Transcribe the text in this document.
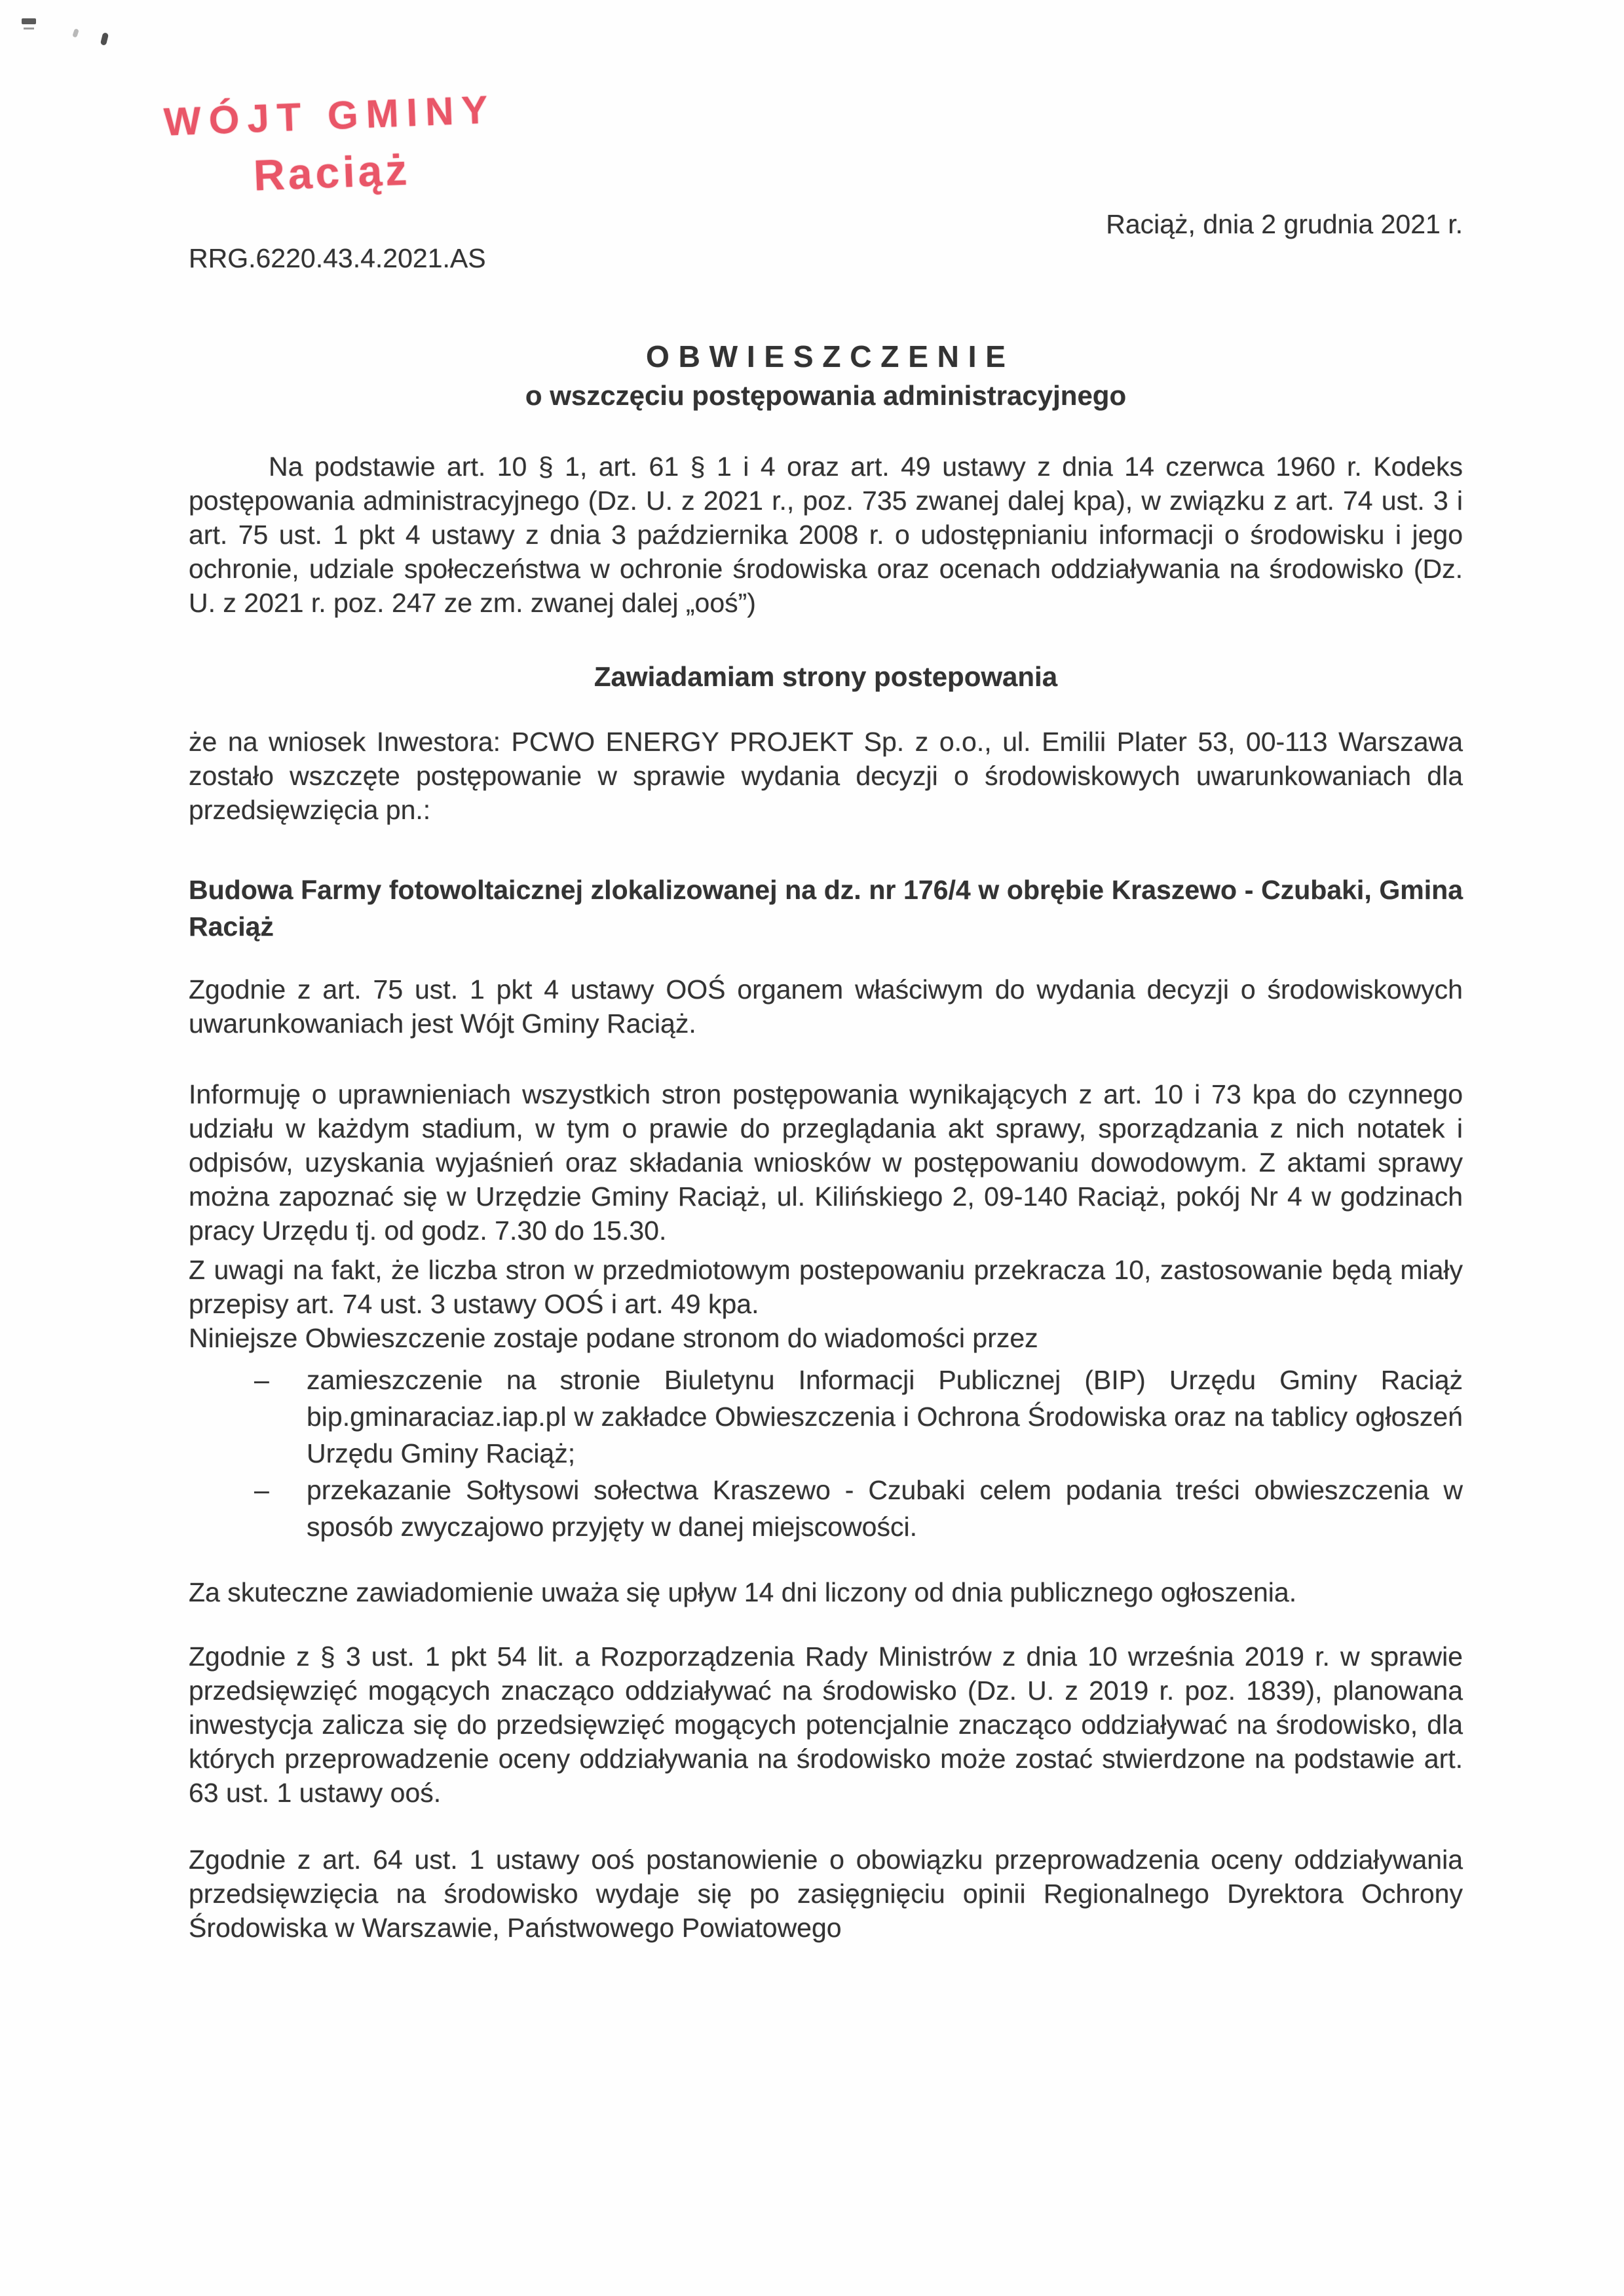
WÓJT GMINY
Raciąż
Raciąż, dnia 2 grudnia 2021 r.
RRG.6220.43.4.2021.AS
OBWIESZCZENIE
o wszczęciu postępowania administracyjnego

Na podstawie art. 10 § 1, art. 61 § 1 i 4 oraz art. 49 ustawy z dnia 14 czerwca 1960 r. Kodeks postępowania administracyjnego (Dz. U. z 2021 r., poz. 735 zwanej dalej kpa), w związku z art. 74 ust. 3 i art. 75 ust. 1 pkt 4 ustawy z dnia 3 października 2008 r. o udostępnianiu informacji o środowisku i jego ochronie, udziale społeczeństwa w ochronie środowiska oraz ocenach oddziaływania na środowisko (Dz. U. z 2021 r. poz. 247 ze zm. zwanej dalej „ooś”)

Zawiadamiam strony postepowania

że na wniosek Inwestora: PCWO ENERGY PROJEKT Sp. z o.o., ul. Emilii Plater 53, 00-113 Warszawa zostało wszczęte postępowanie w sprawie wydania decyzji o środowiskowych uwarunkowaniach dla przedsięwzięcia pn.:

Budowa Farmy fotowoltaicznej zlokalizowanej na dz. nr 176/4 w obrębie Kraszewo - Czubaki, Gmina Raciąż

Zgodnie z art. 75 ust. 1 pkt 4 ustawy OOŚ organem właściwym do wydania decyzji o środowiskowych uwarunkowaniach jest Wójt Gminy Raciąż.

Informuję o uprawnieniach wszystkich stron postępowania wynikających z art. 10 i 73 kpa do czynnego udziału w każdym stadium, w tym o prawie do przeglądania akt sprawy, sporządzania z nich notatek i odpisów, uzyskania wyjaśnień oraz składania wniosków w postępowaniu dowodowym. Z aktami sprawy można zapoznać się w Urzędzie Gminy Raciąż, ul. Kilińskiego 2, 09-140 Raciąż, pokój Nr 4 w godzinach pracy Urzędu tj. od godz. 7.30 do 15.30.

Z uwagi na fakt, że liczba stron w przedmiotowym postepowaniu przekracza 10, zastosowanie będą miały przepisy art. 74 ust. 3 ustawy OOŚ i art. 49 kpa.

Niniejsze Obwieszczenie zostaje podane stronom do wiadomości przez

– zamieszczenie na stronie Biuletynu Informacji Publicznej (BIP) Urzędu Gminy Raciąż bip.gminaraciaz.iap.pl w zakładce Obwieszczenia i Ochrona Środowiska oraz na tablicy ogłoszeń Urzędu Gminy Raciąż;
– przekazanie Sołtysowi sołectwa Kraszewo - Czubaki celem podania treści obwieszczenia w sposób zwyczajowo przyjęty w danej miejscowości.

Za skuteczne zawiadomienie uważa się upływ 14 dni liczony od dnia publicznego ogłoszenia.

Zgodnie z § 3 ust. 1 pkt 54 lit. a Rozporządzenia Rady Ministrów z dnia 10 września 2019 r. w sprawie przedsięwzięć mogących znacząco oddziaływać na środowisko (Dz. U. z 2019 r. poz. 1839), planowana inwestycja zalicza się do przedsięwzięć mogących potencjalnie znacząco oddziaływać na środowisko, dla których przeprowadzenie oceny oddziaływania na środowisko może zostać stwierdzone na podstawie art. 63 ust. 1 ustawy ooś.

Zgodnie z art. 64 ust. 1 ustawy ooś postanowienie o obowiązku przeprowadzenia oceny oddziaływania przedsięwzięcia na środowisko wydaje się po zasięgnięciu opinii Regionalnego Dyrektora Ochrony Środowiska w Warszawie, Państwowego Powiatowego
